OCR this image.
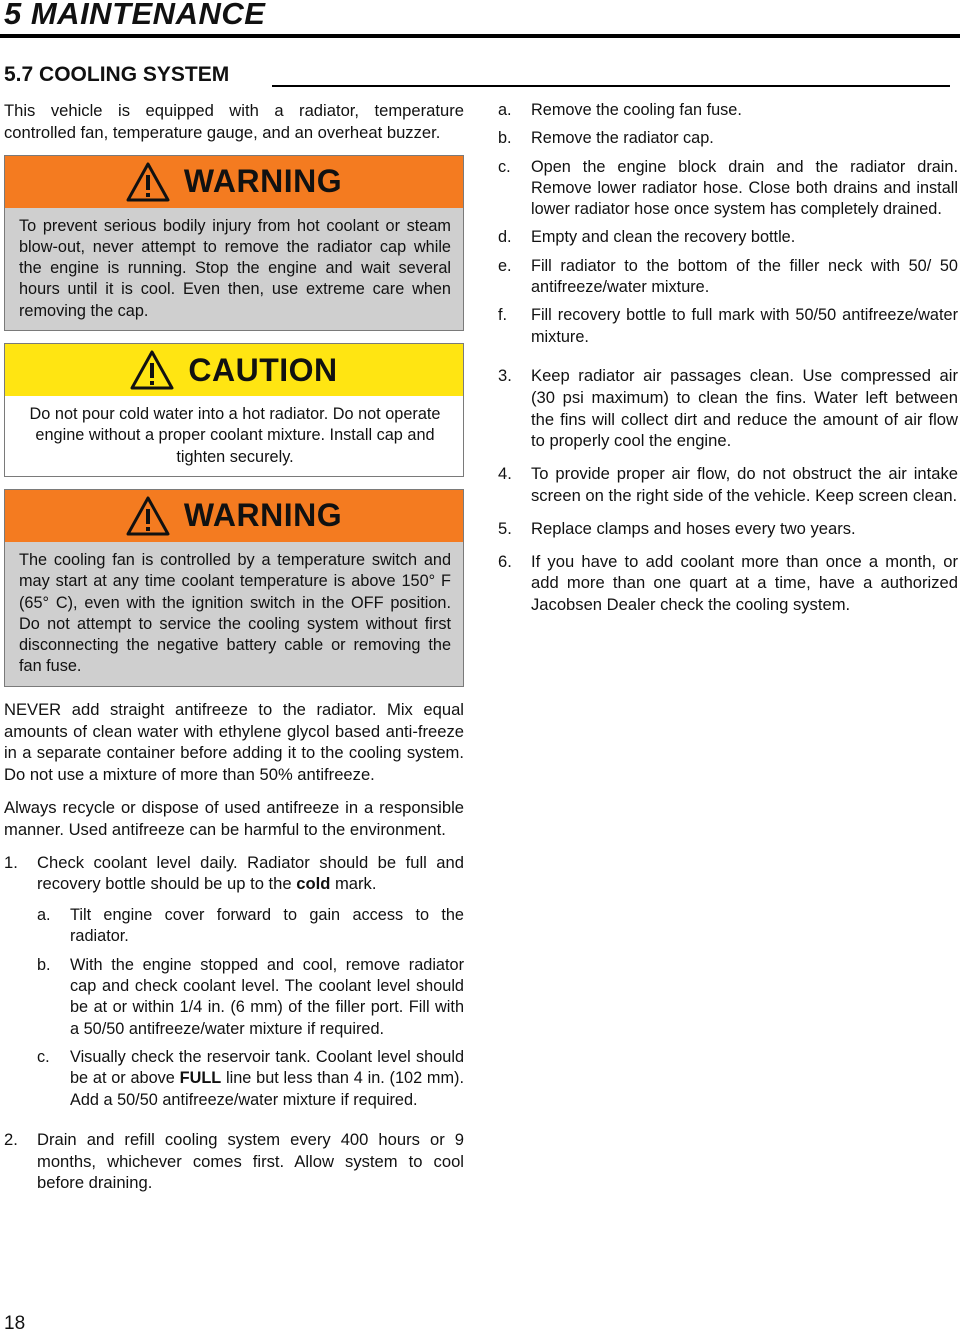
5 MAINTENANCE
5.7 COOLING SYSTEM

This vehicle is equipped with a radiator, temperature controlled fan, temperature gauge, and an overheat buzzer.

WARNING
To prevent serious bodily injury from hot coolant or steam blow-out, never attempt to remove the radiator cap while the engine is running. Stop the engine and wait several hours until it is cool. Even then, use extreme care when removing the cap.
CAUTION
Do not pour cold water into a hot radiator. Do not operate engine without a proper coolant mixture. Install cap and tighten securely.
WARNING
The cooling fan is controlled by a temperature switch and may start at any time coolant temperature is above 150° F (65° C), even with the ignition switch in the OFF position. Do not attempt to service the cooling system without first disconnecting the negative battery cable or removing the fan fuse.

NEVER add straight antifreeze to the radiator. Mix equal amounts of clean water with ethylene glycol based anti-freeze in a separate container before adding it to the cooling system. Do not use a mixture of more than 50% antifreeze.

Always recycle or dispose of used antifreeze in a responsible manner. Used antifreeze can be harmful to the environment.

1.	Check coolant level daily. Radiator should be full and recovery bottle should be up to the cold mark.
a.	Tilt engine cover forward to gain access to the radiator.
b.	With the engine stopped and cool, remove radiator cap and check coolant level. The coolant level should be at or within 1/4 in. (6 mm) of the filler port. Fill with a 50/50 antifreeze/water mixture if required.
c.	Visually check the reservoir tank. Coolant level should be at or above FULL line but less than 4 in. (102 mm). Add a 50/50 antifreeze/water mixture if required.
2.	Drain and refill cooling system every 400 hours or 9 months, whichever comes first. Allow system to cool before draining.
a.	Remove the cooling fan fuse.
b.	Remove the radiator cap.
c.	Open the engine block drain and the radiator drain. Remove lower radiator hose. Close both drains and install lower radiator hose once system has completely drained.
d.	Empty and clean the recovery bottle.
e.	Fill radiator to the bottom of the filler neck with 50/ 50 antifreeze/water mixture.
f.	Fill recovery bottle to full mark with 50/50 antifreeze/water mixture.
3.	Keep radiator air passages clean. Use compressed air (30 psi maximum) to clean the fins. Water left between the fins will collect dirt and reduce the amount of air flow to properly cool the engine.
4.	To provide proper air flow, do not obstruct the air intake screen on the right side of the vehicle. Keep screen clean.
5.	Replace clamps and hoses every two years.
6.	If you have to add coolant more than once a month, or add more than one quart at a time, have a authorized Jacobsen Dealer check the cooling system.
18
